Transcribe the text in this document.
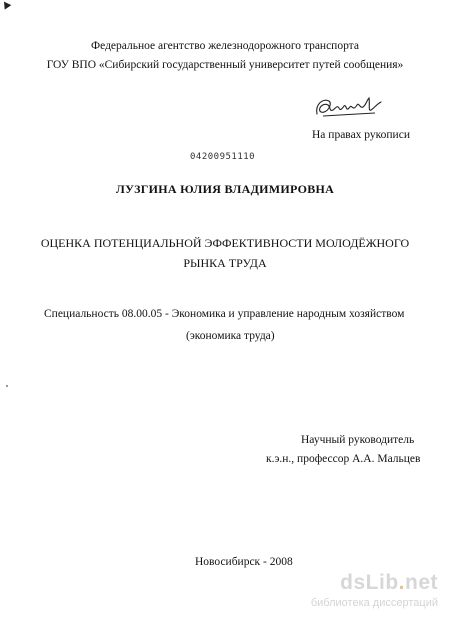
Федеральное агентство железнодорожного транспорта
ГОУ ВПО «Сибирский государственный университет путей сообщения»
На правах рукописи
04200951110
ЛУЗГИНА ЮЛИЯ ВЛАДИМИРОВНА
ОЦЕНКА ПОТЕНЦИАЛЬНОЙ ЭФФЕКТИВНОСТИ МОЛОДЁЖНОГО
РЫНКА ТРУДА
Специальность 08.00.05 - Экономика и управление народным хозяйством
(экономика труда)
Научный руководитель
к.э.н., профессор А.А. Мальцев
Новосибирск - 2008
dsLib.net
библиотека диссертаций
